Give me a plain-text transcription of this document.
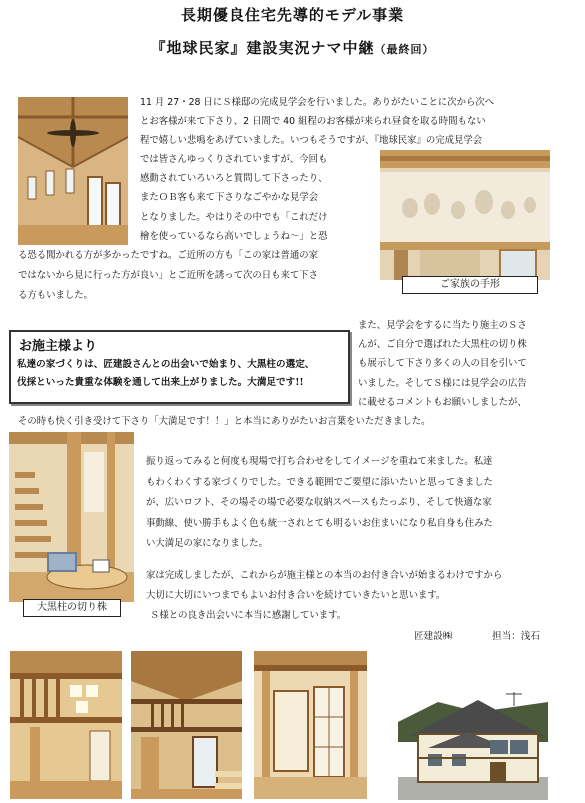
長期優良住宅先導的モデル事業
『地球民家』建設実況ナマ中継（最終回）
11 月 27・28 日にＳ様邸の完成見学会を行いました。ありがたいことに次から次へ
とお客様が来て下さり、2 日間で 40 組程のお客様が来られ昼食を取る時間もない
程で嬉しい悲鳴をあげていました。いつもそうですが、『地球民家』の完成見学会
では皆さんゆっくりされていますが、今回も
感動されていろいろと質問して下さったり、
またＯＢ客も来て下さりなごやかな見学会
となりました。やはりその中でも「これだけ
檜を使っているなら高いでしょうね～」と恐
る恐る聞かれる方が多かったですね。ご近所の方も「この家は普通の家
ではないから見に行った方が良い」とご近所を誘って次の日も来て下さ
る方もいました。
ご家族の手形
お施主様より
私達の家づくりは、匠建設さんとの出会いで始まり、大黒柱の選定、
伐採といった貴重な体験を通して出来上がりました。大満足です!!
また、見学会をするに当たり施主のＳさ
んが、ご自分で選ばれた大黒柱の切り株
も展示して下さり多くの人の目を引いて
いました。そしてＳ様には見学会の広告
に載せるコメントもお願いしましたが、
その時も快く引き受けて下さり「大満足です！！」と本当にありがたいお言葉をいただきました。
大黒柱の切り株
振り返ってみると何度も現場で打ち合わせをしてイメージを重ねて来ました。私達
もわくわくする家づくりでした。できる範囲でご要望に添いたいと思ってきました
が、広いロフト、その場その場で必要な収納スペースもたっぷり、そして快適な家
事動線、使い勝手もよく色も統一されとても明るいお住まいになり私自身も住みた
い大満足の家になりました。
家は完成しましたが、これからが施主様との本当のお付き合いが始まるわけですから
大切に大切にいつまでもよいお付き合いを続けていきたいと思います。
Ｓ様との良き出会いに本当に感謝しています。
匠建設㈱	担当：浅石
